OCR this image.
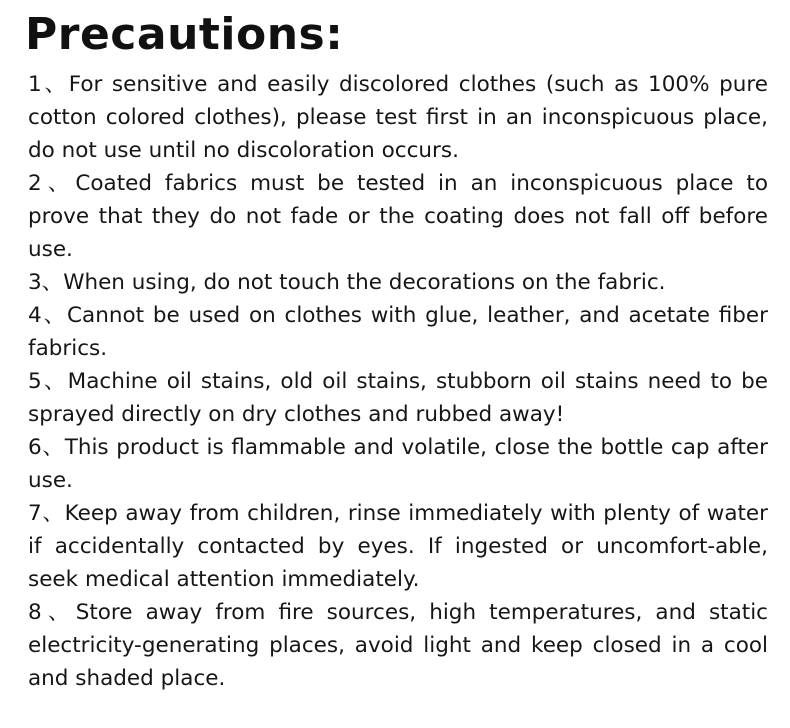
Precautions:
1、For sensitive and easily discolored clothes (such as 100% pure cotton colored clothes), please test first in an inconspicuous place, do not use until no discoloration occurs.
2、Coated fabrics must be tested in an inconspicuous place to prove that they do not fade or the coating does not fall off before use.
3、When using, do not touch the decorations on the fabric.
4、Cannot be used on clothes with glue, leather, and acetate fiber fabrics.
5、Machine oil stains, old oil stains, stubborn oil stains need to be sprayed directly on dry clothes and rubbed away!
6、This product is flammable and volatile, close the bottle cap after use.
7、Keep away from children, rinse immediately with plenty of water if accidentally contacted by eyes. If ingested or uncomfort-able, seek medical attention immediately.
8、Store away from fire sources, high temperatures, and static electricity-generating places, avoid light and keep closed in a cool and shaded place.
